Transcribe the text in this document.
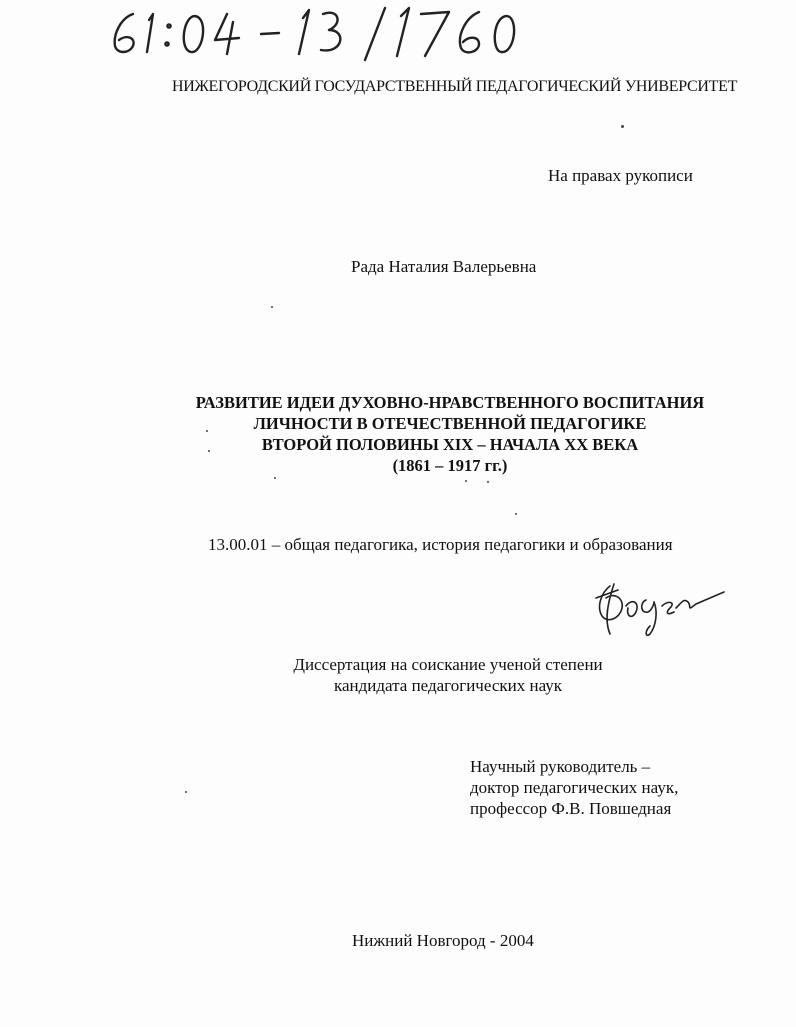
НИЖЕГОРОДСКИЙ ГОСУДАРСТВЕННЫЙ ПЕДАГОГИЧЕСКИЙ УНИВЕРСИТЕТ
На правах рукописи
Рада Наталия Валерьевна
РАЗВИТИЕ ИДЕИ ДУХОВНО-НРАВСТВЕННОГО ВОСПИТАНИЯ
ЛИЧНОСТИ В ОТЕЧЕСТВЕННОЙ ПЕДАГОГИКЕ
ВТОРОЙ ПОЛОВИНЫ XIX – НАЧАЛА XX ВЕКА
(1861 – 1917 гг.)
13.00.01 – общая педагогика, история педагогики и образования
Диссертация на соискание ученой степени
кандидата педагогических наук
Научный руководитель –
доктор педагогических наук,
профессор Ф.В. Повшедная
Нижний Новгород - 2004
